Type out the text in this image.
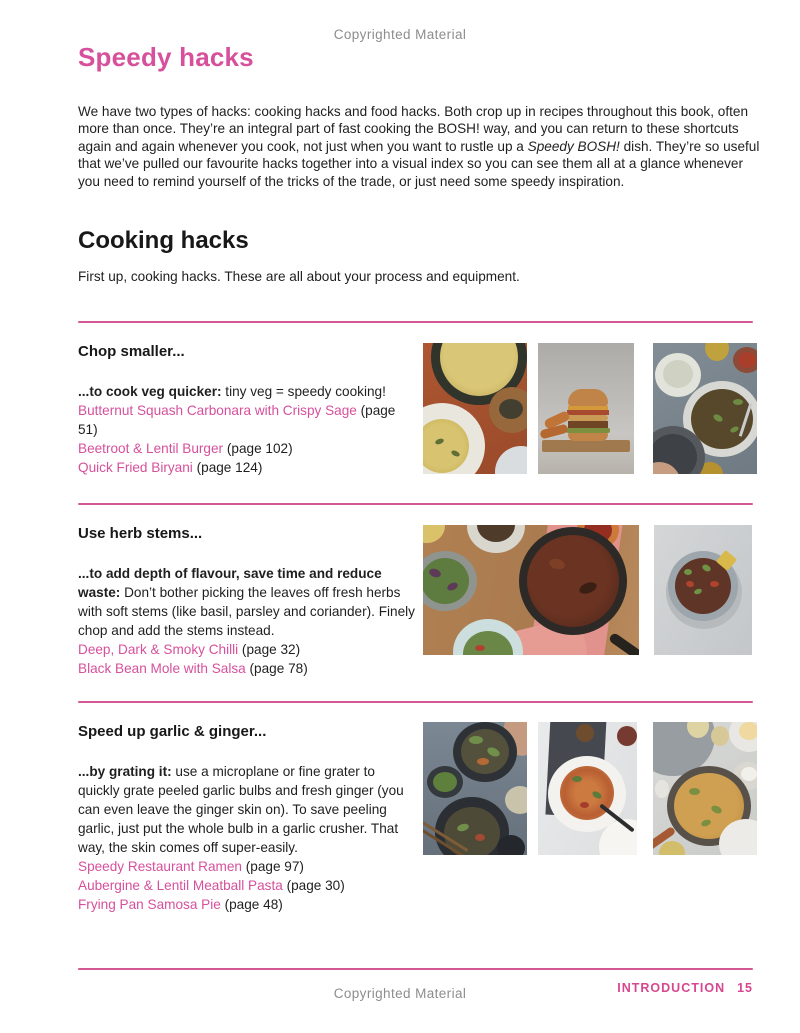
Copyrighted Material
Speedy hacks

We have two types of hacks: cooking hacks and food hacks. Both crop up in recipes throughout this book, often more than once. They’re an integral part of fast cooking the BOSH! way, and you can return to these shortcuts again and again whenever you cook, not just when you want to rustle up a Speedy BOSH! dish. They’re so useful that we’ve pulled our favourite hacks together into a visual index so you can see them all at a glance whenever you need to remind yourself of the tricks of the trade, or just need some speedy inspiration.

Cooking hacks
First up, cooking hacks. These are all about your process and equipment.
Chop smaller...

...to cook veg quicker: tiny veg = speedy cooking!

Butternut Squash Carbonara with Crispy Sage (page 51)
Beetroot & Lentil Burger (page 102)
Quick Fried Biryani (page 124)
Use herb stems...

...to add depth of flavour, save time and reduce waste: Don’t bother picking the leaves off fresh herbs with soft stems (like basil, parsley and coriander). Finely chop and add the stems instead.

Deep, Dark & Smoky Chilli (page 32)
Black Bean Mole with Salsa (page 78)
Speed up garlic & ginger...

...by grating it: use a microplane or fine grater to quickly grate peeled garlic bulbs and fresh ginger (you can even leave the ginger skin on). To save peeling garlic, just put the whole bulb in a garlic crusher. That way, the skin comes off super-easily.

Speedy Restaurant Ramen (page 97)
Aubergine & Lentil Meatball Pasta (page 30)
Frying Pan Samosa Pie (page 48)
Copyrighted Material	INTRODUCTION 15
